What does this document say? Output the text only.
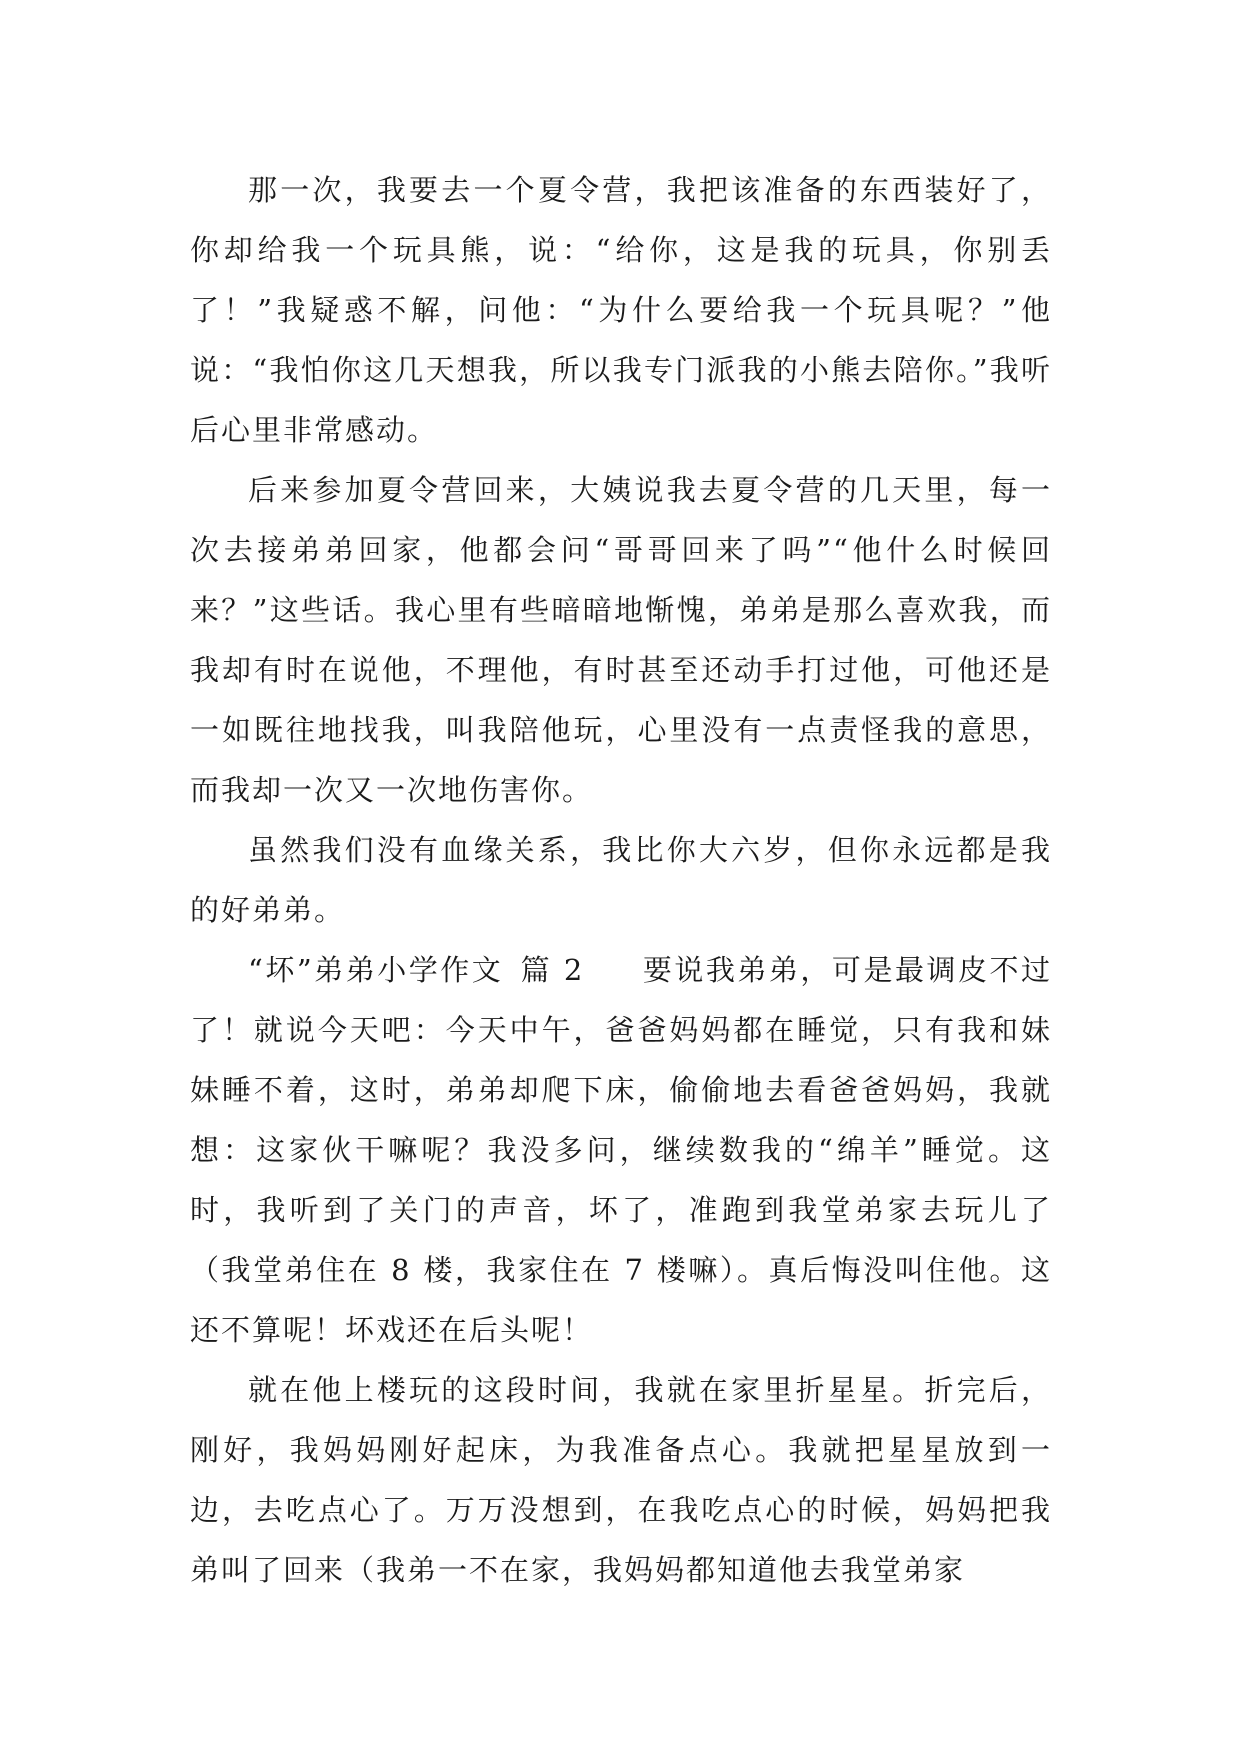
那一次，我要去一个夏令营，我把该准备的东西装好了，你却给我一个玩具熊，说：“给你，这是我的玩具，你别丢了！”我疑惑不解，问他：“为什么要给我一个玩具呢？”他说：“我怕你这几天想我，所以我专门派我的小熊去陪你。”我听后心里非常感动。

后来参加夏令营回来，大姨说我去夏令营的几天里，每一次去接弟弟回家，他都会问“哥哥回来了吗”“他什么时候回来？”这些话。我心里有些暗暗地惭愧，弟弟是那么喜欢我，而我却有时在说他，不理他，有时甚至还动手打过他，可他还是一如既往地找我，叫我陪他玩，心里没有一点责怪我的意思，而我却一次又一次地伤害你。

虽然我们没有血缘关系，我比你大六岁，但你永远都是我的好弟弟。

“坏”弟弟小学作文 篇 2 要说我弟弟，可是最调皮不过了！就说今天吧：今天中午，爸爸妈妈都在睡觉，只有我和妹妹睡不着，这时，弟弟却爬下床，偷偷地去看爸爸妈妈，我就想：这家伙干嘛呢？我没多问，继续数我的“绵羊”睡觉。这时，我听到了关门的声音，坏了，准跑到我堂弟家去玩儿了（我堂弟住在 8 楼，我家住在 7 楼嘛）。真后悔没叫住他。这还不算呢！坏戏还在后头呢！

就在他上楼玩的这段时间，我就在家里折星星。折完后，刚好，我妈妈刚好起床，为我准备点心。我就把星星放到一边，去吃点心了。万万没想到，在我吃点心的时候，妈妈把我弟叫了回来（我弟一不在家，我妈妈都知道他去我堂弟家
